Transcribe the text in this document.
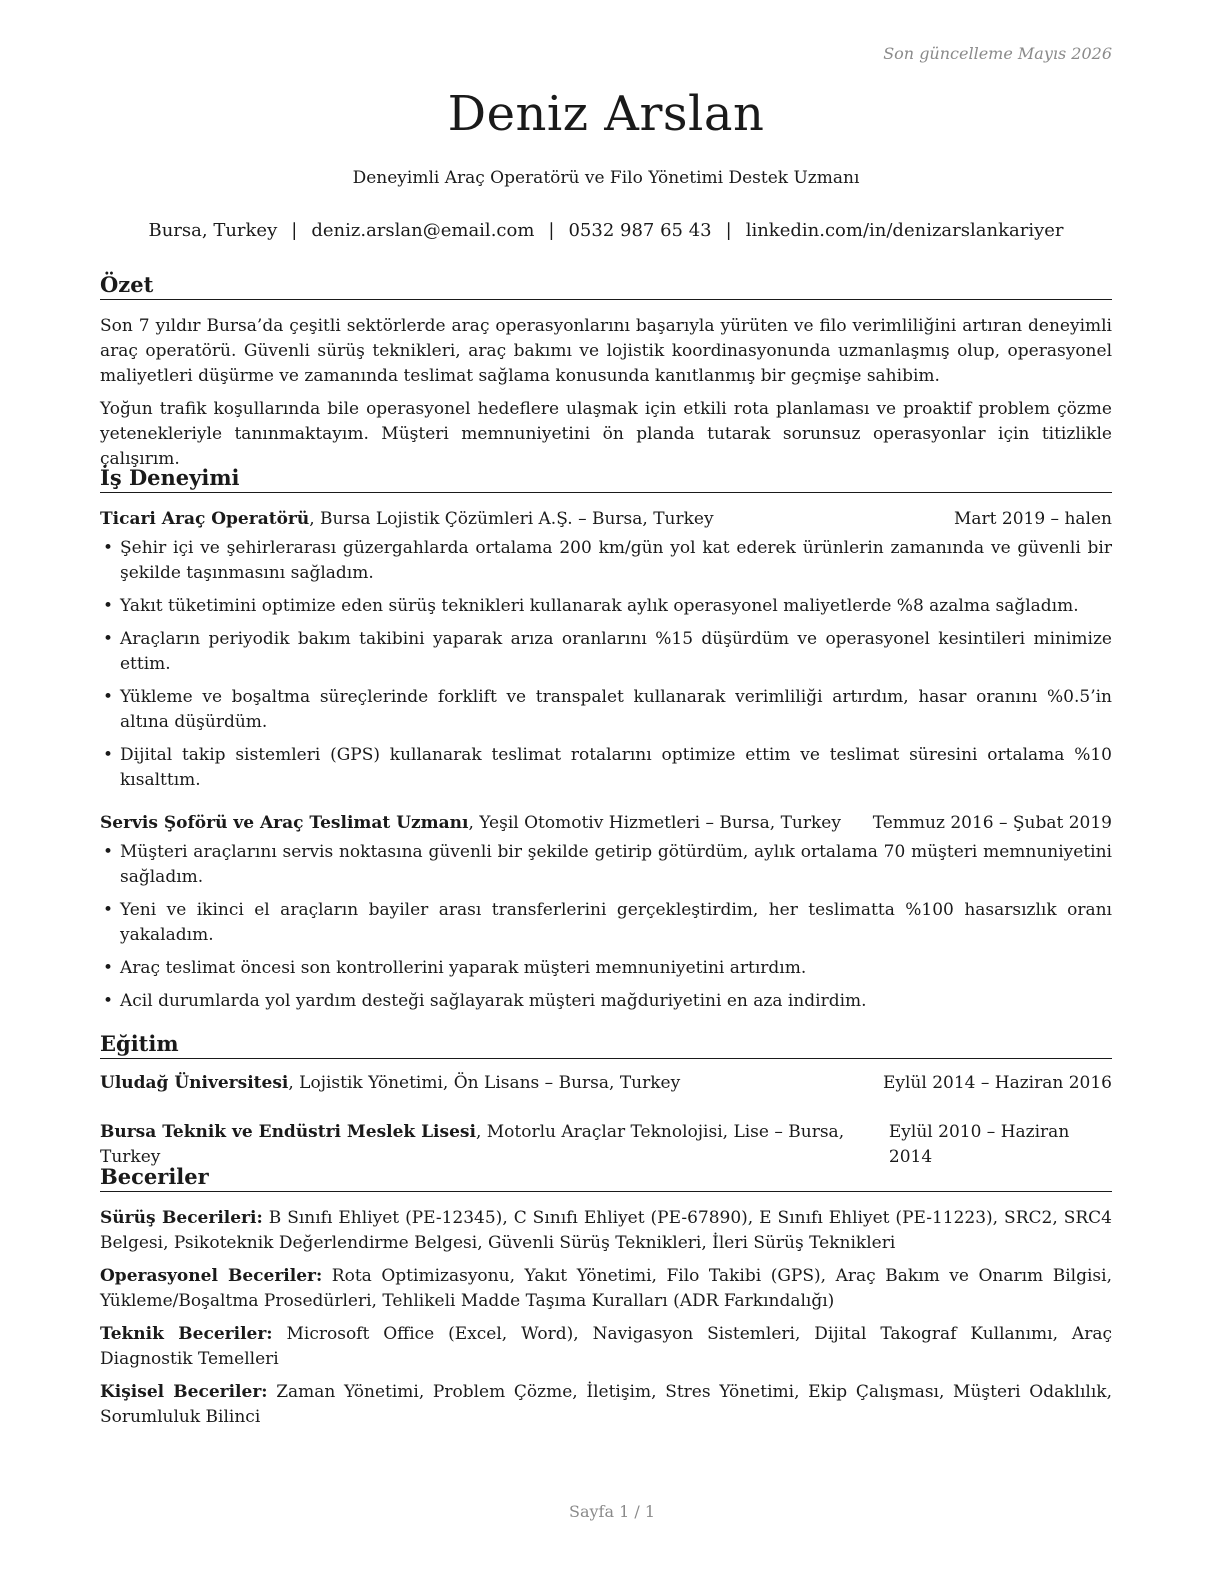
Son güncelleme Mayıs 2026
Deniz Arslan
Deneyimli Araç Operatörü ve Filo Yönetimi Destek Uzmanı
Bursa, Turkey | deniz.arslan@email.com | 0532 987 65 43 | linkedin.com/in/denizarslankariyer
Özet

Son 7 yıldır Bursa’da çeşitli sektörlerde araç operasyonlarını başarıyla yürüten ve filo verimliliğini artıran deneyimli araç operatörü. Güvenli sürüş teknikleri, araç bakımı ve lojistik koordinasyonunda uzmanlaşmış olup, operasyonel maliyetleri düşürme ve zamanında teslimat sağlama konusunda kanıtlanmış bir geçmişe sahibim.

Yoğun trafik koşullarında bile operasyonel hedeflere ulaşmak için etkili rota planlaması ve proaktif problem çözme yetenekleriyle tanınmaktayım. Müşteri memnuniyetini ön planda tutarak sorunsuz operasyonlar için titizlikle çalışırım.

İş Deneyimi
Ticari Araç Operatörü, Bursa Lojistik Çözümleri A.Ş. – Bursa, Turkey	Mart 2019 – halen
• Şehir içi ve şehirlerarası güzergahlarda ortalama 200 km/gün yol kat ederek ürünlerin zamanında ve güvenli bir şekilde taşınmasını sağladım.
• Yakıt tüketimini optimize eden sürüş teknikleri kullanarak aylık operasyonel maliyetlerde %8 azalma sağladım.
• Araçların periyodik bakım takibini yaparak arıza oranlarını %15 düşürdüm ve operasyonel kesintileri minimize ettim.
• Yükleme ve boşaltma süreçlerinde forklift ve transpalet kullanarak verimliliği artırdım, hasar oranını %0.5’in altına düşürdüm.
• Dijital takip sistemleri (GPS) kullanarak teslimat rotalarını optimize ettim ve teslimat süresini ortalama %10 kısalttım.
Servis Şoförü ve Araç Teslimat Uzmanı, Yeşil Otomotiv Hizmetleri – Bursa, Turkey Temmuz 2016 – Şubat 2019
• Müşteri araçlarını servis noktasına güvenli bir şekilde getirip götürdüm, aylık ortalama 70 müşteri memnuniyetini sağladım.
• Yeni ve ikinci el araçların bayiler arası transferlerini gerçekleştirdim, her teslimatta %100 hasarsızlık oranı yakaladım.
• Araç teslimat öncesi son kontrollerini yaparak müşteri memnuniyetini artırdım.
• Acil durumlarda yol yardım desteği sağlayarak müşteri mağduriyetini en aza indirdim.
Eğitim
Uludağ Üniversitesi, Lojistik Yönetimi, Ön Lisans – Bursa, Turkey	Eylül 2014 – Haziran 2016
Bursa Teknik ve Endüstri Meslek Lisesi, Motorlu Araçlar Teknolojisi, Lise – Bursa, Turkey
Eylül 2010 – Haziran 2014
Beceriler

Sürüş Becerileri: B Sınıfı Ehliyet (PE-12345), C Sınıfı Ehliyet (PE-67890), E Sınıfı Ehliyet (PE-11223), SRC2, SRC4 Belgesi, Psikoteknik Değerlendirme Belgesi, Güvenli Sürüş Teknikleri, İleri Sürüş Teknikleri

Operasyonel Beceriler: Rota Optimizasyonu, Yakıt Yönetimi, Filo Takibi (GPS), Araç Bakım ve Onarım Bilgisi, Yükleme/Boşaltma Prosedürleri, Tehlikeli Madde Taşıma Kuralları (ADR Farkındalığı)

Teknik Beceriler: Microsoft Office (Excel, Word), Navigasyon Sistemleri, Dijital Takograf Kullanımı, Araç Diagnostik Temelleri

Kişisel Beceriler: Zaman Yönetimi, Problem Çözme, İletişim, Stres Yönetimi, Ekip Çalışması, Müşteri Odaklılık, Sorumluluk Bilinci

Sayfa 1 / 1
